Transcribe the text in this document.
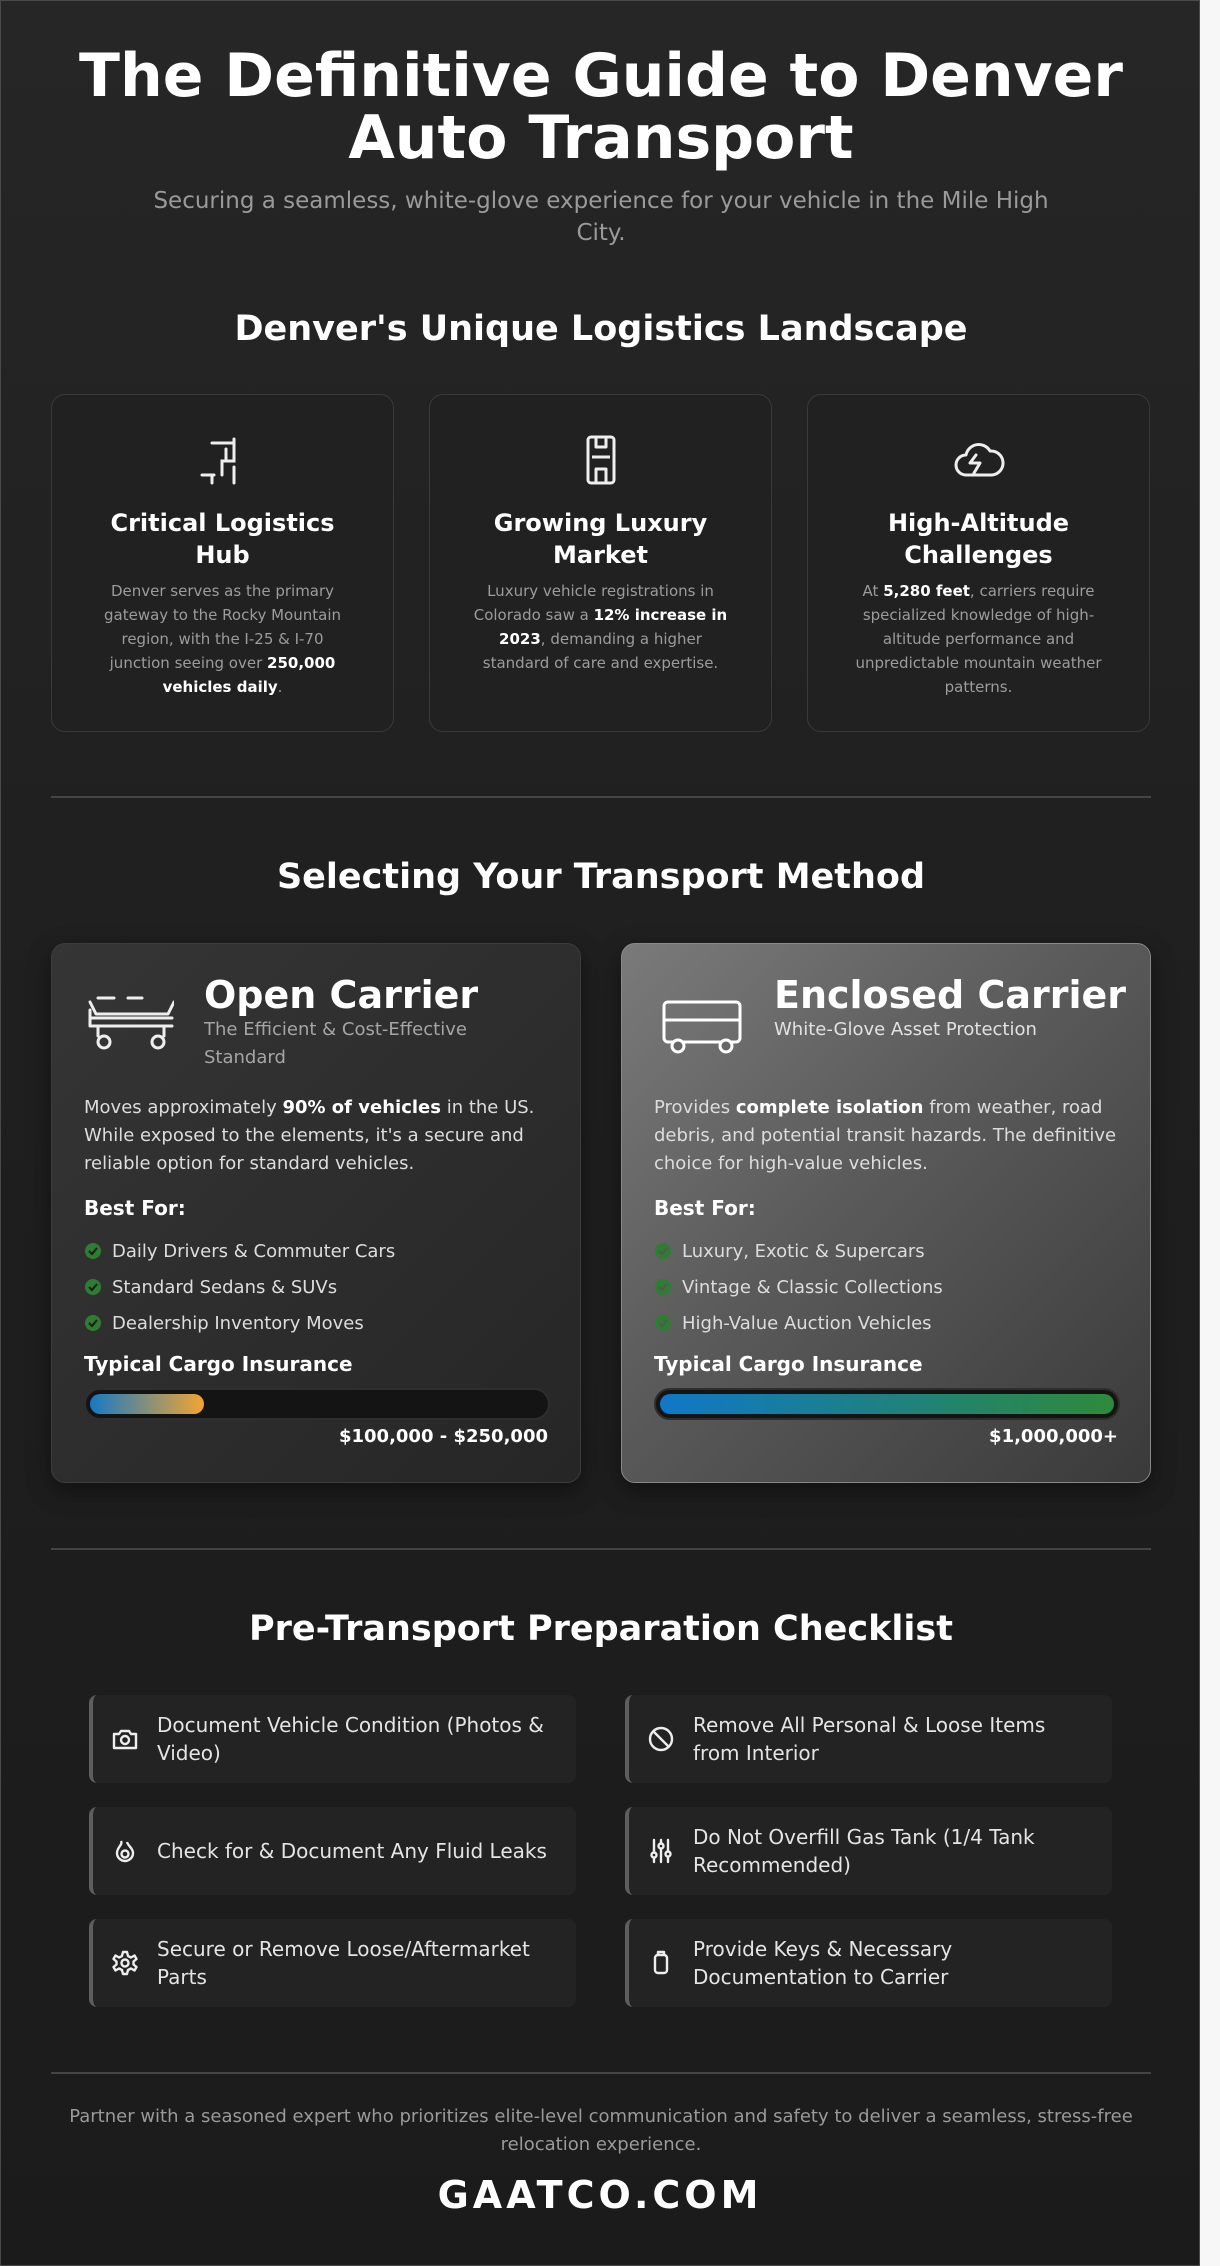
The Definitive Guide to Denver Auto Transport

Securing a seamless, white-glove experience for your vehicle in the Mile High City.

Denver's Unique Logistics Landscape
Critical Logistics Hub

Denver serves as the primary gateway to the Rocky Mountain region, with the I-25 & I-70 junction seeing over 250,000 vehicles daily.

Growing Luxury Market

Luxury vehicle registrations in Colorado saw a 12% increase in 2023, demanding a higher standard of care and expertise.

High-Altitude Challenges

At 5,280 feet, carriers require specialized knowledge of high-altitude performance and unpredictable mountain weather patterns.

Selecting Your Transport Method
Open Carrier

The Efficient & Cost-Effective Standard

Moves approximately 90% of vehicles in the US. While exposed to the elements, it's a secure and reliable option for standard vehicles.

Best For:
Daily Drivers & Commuter Cars
Standard Sedans & SUVs
Dealership Inventory Moves
Typical Cargo Insurance
$100,000 - $250,000
Enclosed Carrier

White-Glove Asset Protection

Provides complete isolation from weather, road debris, and potential transit hazards. The definitive choice for high-value vehicles.

Best For:
Luxury, Exotic & Supercars
Vintage & Classic Collections
High-Value Auction Vehicles
Typical Cargo Insurance
$1,000,000+
Pre-Transport Preparation Checklist
Document Vehicle Condition (Photos & Video)
Remove All Personal & Loose Items from Interior
Check for & Document Any Fluid Leaks
Do Not Overfill Gas Tank (1/4 Tank Recommended)
Secure or Remove Loose/Aftermarket Parts
Provide Keys & Necessary Documentation to Carrier

Partner with a seasoned expert who prioritizes elite-level communication and safety to deliver a seamless, stress-free relocation experience.

GAATCO.COM
